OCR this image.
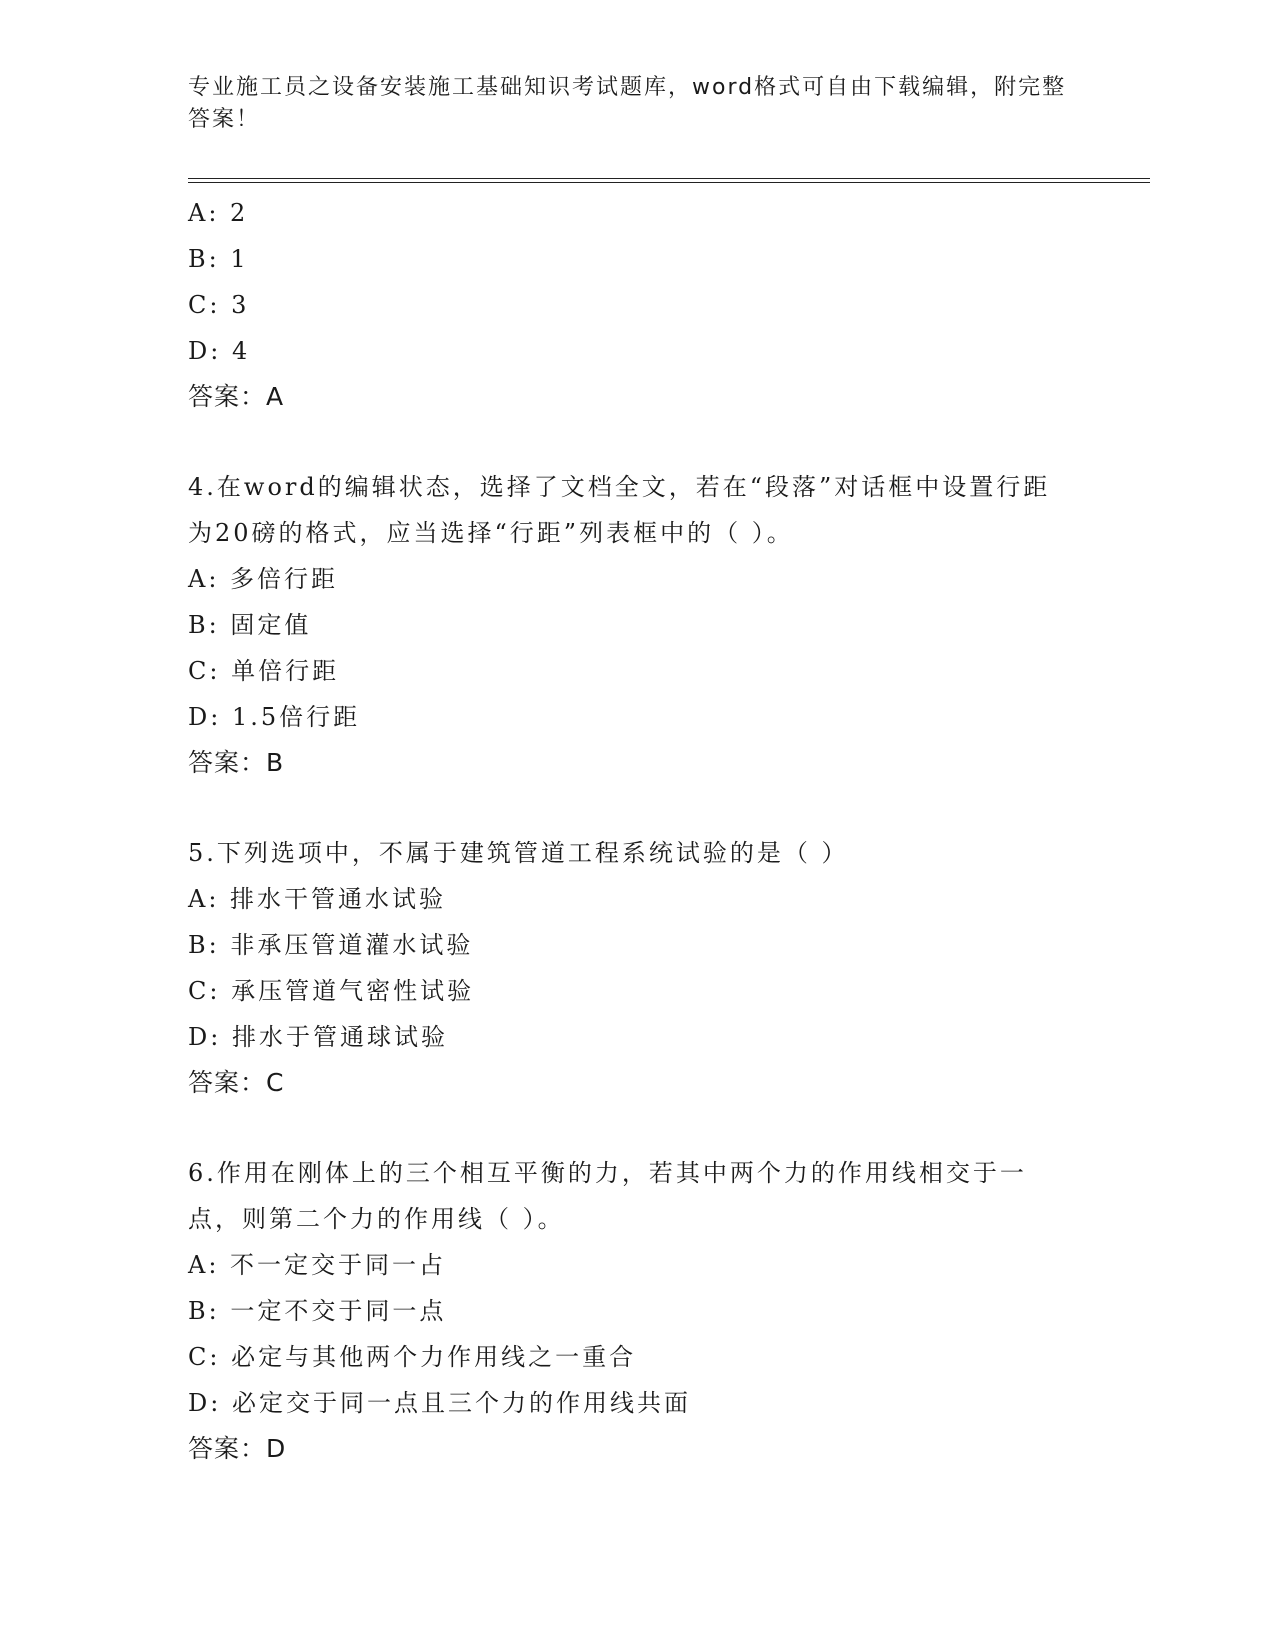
专业施工员之设备安装施工基础知识考试题库，word格式可自由下载编辑，附完整答案！
A: 2
B: 1
C: 3
D: 4
答案：A
4.在word的编辑状态，选择了文档全文，若在“段落”对话框中设置行距为20磅的格式，应当选择“行距”列表框中的（ ）。
A: 多倍行距
B: 固定值
C: 单倍行距
D: 1.5倍行距
答案：B
5.下列选项中，不属于建筑管道工程系统试验的是（ ）
A: 排水干管通水试验
B: 非承压管道灌水试验
C: 承压管道气密性试验
D: 排水于管通球试验
答案：C
6.作用在刚体上的三个相互平衡的力，若其中两个力的作用线相交于一点，则第二个力的作用线（ ）。
A: 不一定交于同一占
B: 一定不交于同一点
C: 必定与其他两个力作用线之一重合
D: 必定交于同一点且三个力的作用线共面
答案：D
